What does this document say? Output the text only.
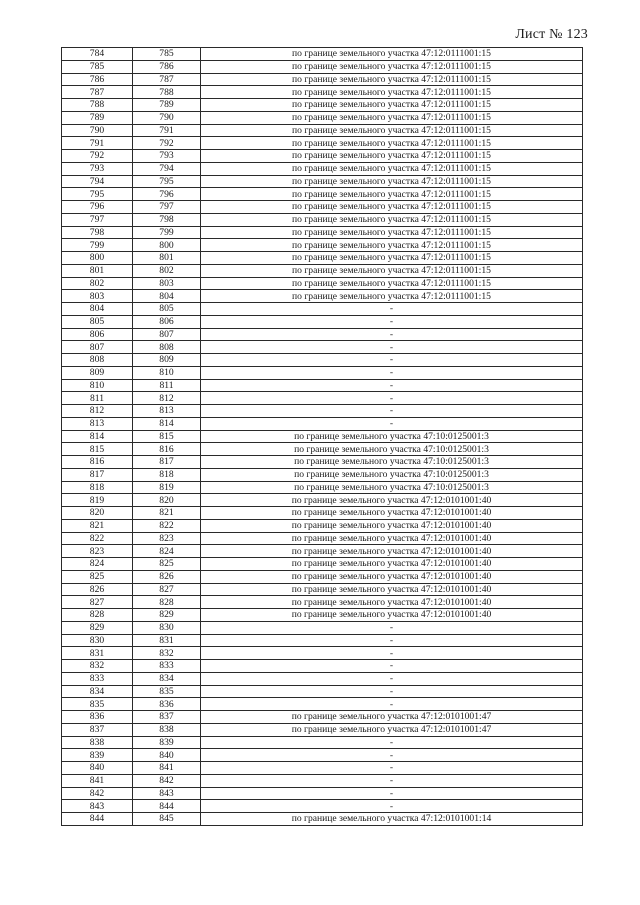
Лист № 123
784	785	по границе земельного участка 47:12:0111001:15
785	786	по границе земельного участка 47:12:0111001:15
786	787	по границе земельного участка 47:12:0111001:15
787	788	по границе земельного участка 47:12:0111001:15
788	789	по границе земельного участка 47:12:0111001:15
789	790	по границе земельного участка 47:12:0111001:15
790	791	по границе земельного участка 47:12:0111001:15
791	792	по границе земельного участка 47:12:0111001:15
792	793	по границе земельного участка 47:12:0111001:15
793	794	по границе земельного участка 47:12:0111001:15
794	795	по границе земельного участка 47:12:0111001:15
795	796	по границе земельного участка 47:12:0111001:15
796	797	по границе земельного участка 47:12:0111001:15
797	798	по границе земельного участка 47:12:0111001:15
798	799	по границе земельного участка 47:12:0111001:15
799	800	по границе земельного участка 47:12:0111001:15
800	801	по границе земельного участка 47:12:0111001:15
801	802	по границе земельного участка 47:12:0111001:15
802	803	по границе земельного участка 47:12:0111001:15
803	804	по границе земельного участка 47:12:0111001:15
804	805	-
805	806	-
806	807	-
807	808	-
808	809	-
809	810	-
810	811	-
811	812	-
812	813	-
813	814	-
814	815	по границе земельного участка 47:10:0125001:3
815	816	по границе земельного участка 47:10:0125001:3
816	817	по границе земельного участка 47:10:0125001:3
817	818	по границе земельного участка 47:10:0125001:3
818	819	по границе земельного участка 47:10:0125001:3
819	820	по границе земельного участка 47:12:0101001:40
820	821	по границе земельного участка 47:12:0101001:40
821	822	по границе земельного участка 47:12:0101001:40
822	823	по границе земельного участка 47:12:0101001:40
823	824	по границе земельного участка 47:12:0101001:40
824	825	по границе земельного участка 47:12:0101001:40
825	826	по границе земельного участка 47:12:0101001:40
826	827	по границе земельного участка 47:12:0101001:40
827	828	по границе земельного участка 47:12:0101001:40
828	829	по границе земельного участка 47:12:0101001:40
829	830	-
830	831	-
831	832	-
832	833	-
833	834	-
834	835	-
835	836	-
836	837	по границе земельного участка 47:12:0101001:47
837	838	по границе земельного участка 47:12:0101001:47
838	839	-
839	840	-
840	841	-
841	842	-
842	843	-
843	844	-
844	845	по границе земельного участка 47:12:0101001:14
